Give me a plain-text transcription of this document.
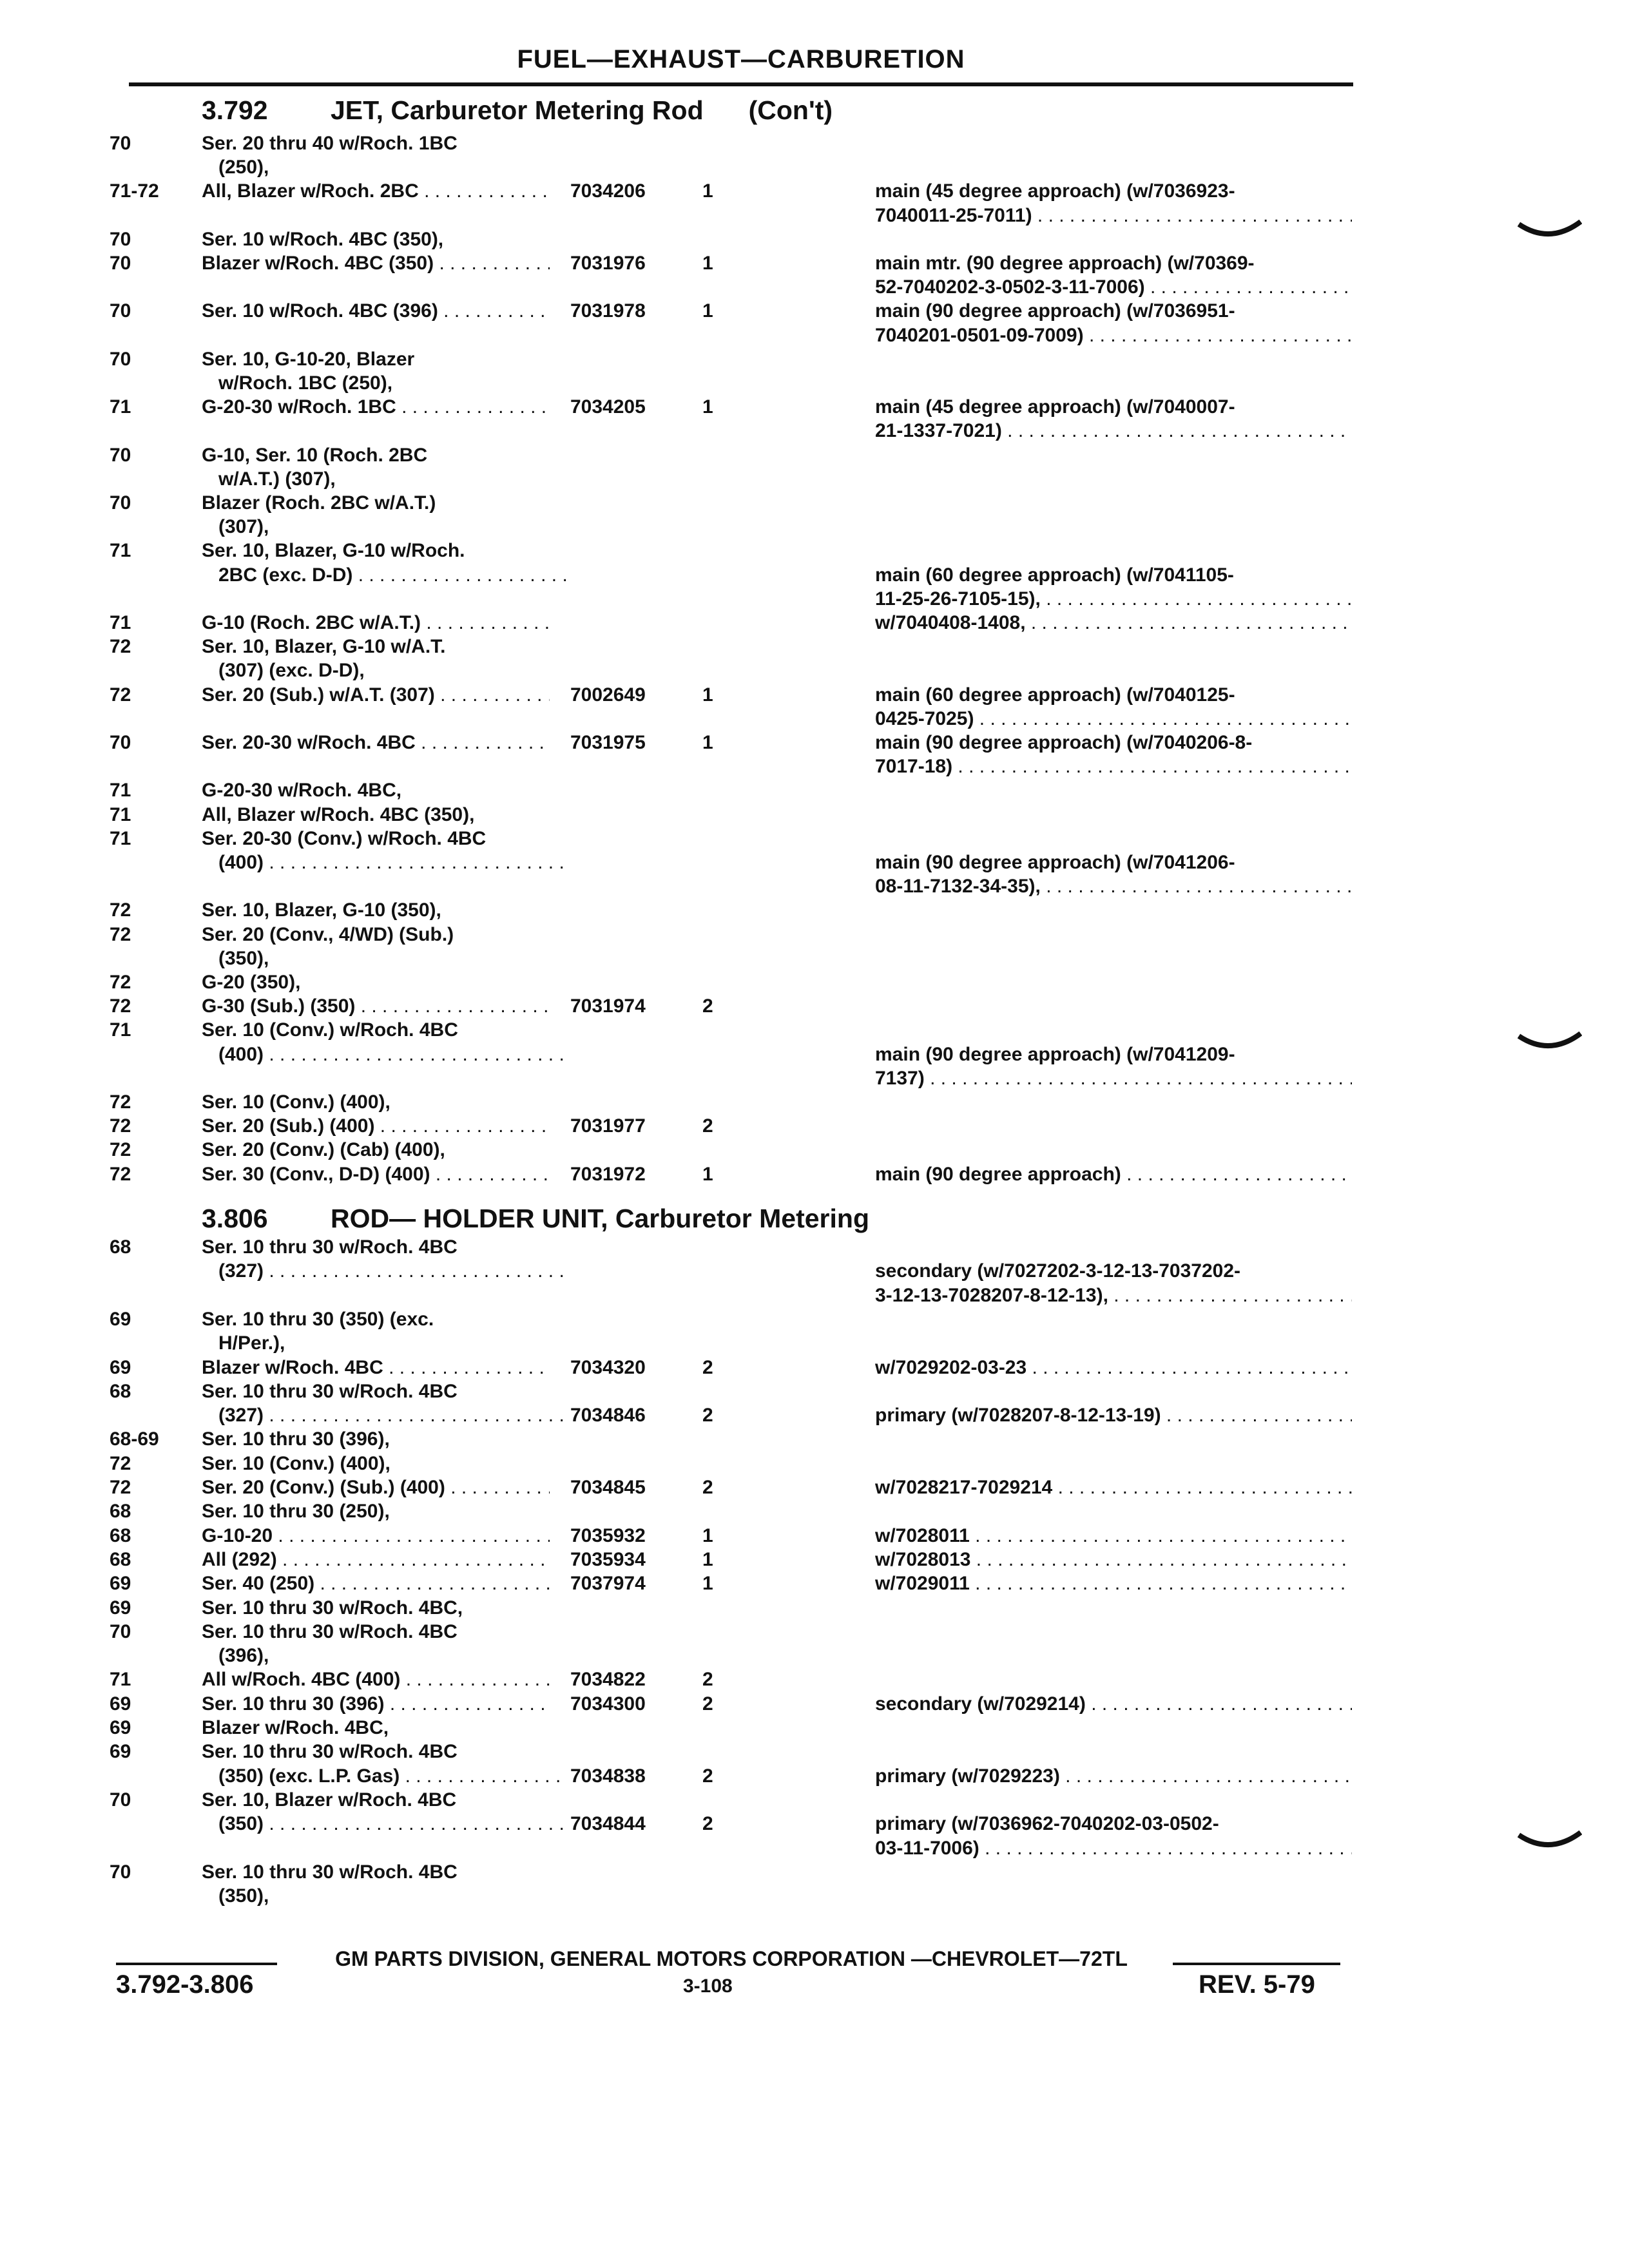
FUEL—EXHAUST—CARBURETION
3.792 JET, Carburetor Metering Rod (Con't)
70	Ser. 20 thru 40 w/Roch. 1BC
(250),
71-72	All, Blazer w/Roch. 2BC . . .	7034206	1	main (45 degree approach) (w/7036923-
7040011-25-7011) . . .
70	Ser. 10 w/Roch. 4BC (350),
70	Blazer w/Roch. 4BC (350) . . .	7031976	1	main mtr. (90 degree approach) (w/70369-
52-7040202-3-0502-3-11-7006) . . .
70	Ser. 10 w/Roch. 4BC (396) . . .	7031978	1	main (90 degree approach) (w/7036951-
7040201-0501-09-7009) . . .
70	Ser. 10, G-10-20, Blazer
w/Roch. 1BC (250),
71	G-20-30 w/Roch. 1BC . . .	7034205	1	main (45 degree approach) (w/7040007-
21-1337-7021) . . .
70	G-10, Ser. 10 (Roch. 2BC
w/A.T.) (307),
70	Blazer (Roch. 2BC w/A.T.)
(307),
71	Ser. 10, Blazer, G-10 w/Roch.
2BC (exc. D-D) . . .	main (60 degree approach) (w/7041105-
11-25-26-7105-15), . . .
71	G-10 (Roch. 2BC w/A.T.) . . .	w/7040408-1408, . . .
72	Ser. 10, Blazer, G-10 w/A.T.
(307) (exc. D-D),
72	Ser. 20 (Sub.) w/A.T. (307) . . .	7002649	1	main (60 degree approach) (w/7040125-
0425-7025) . . .
70	Ser. 20-30 w/Roch. 4BC . . .	7031975	1	main (90 degree approach) (w/7040206-8-
7017-18) . . .
71	G-20-30 w/Roch. 4BC,
71	All, Blazer w/Roch. 4BC (350),
71	Ser. 20-30 (Conv.) w/Roch. 4BC
(400) . . .	main (90 degree approach) (w/7041206-
08-11-7132-34-35), . . .
72	Ser. 10, Blazer, G-10 (350),
72	Ser. 20 (Conv., 4/WD) (Sub.)
(350),
72	G-20 (350),
72	G-30 (Sub.) (350) . . .	7031974	2
71	Ser. 10 (Conv.) w/Roch. 4BC
(400) . . .	main (90 degree approach) (w/7041209-
7137) . . .
72	Ser. 10 (Conv.) (400),
72	Ser. 20 (Sub.) (400) . . .	7031977	2
72	Ser. 20 (Conv.) (Cab) (400),
72	Ser. 30 (Conv., D-D) (400) . . .	7031972	1	main (90 degree approach) . . .
3.806 ROD— HOLDER UNIT, Carburetor Metering
68	Ser. 10 thru 30 w/Roch. 4BC
(327) . . .	secondary (w/7027202-3-12-13-7037202-
3-12-13-7028207-8-12-13), . . .
69	Ser. 10 thru 30 (350) (exc.
H/Per.),
69	Blazer w/Roch. 4BC . . .	7034320	2	w/7029202-03-23 . . .
68	Ser. 10 thru 30 w/Roch. 4BC
(327) . . .	7034846	2	primary (w/7028207-8-12-13-19) . . .
68-69	Ser. 10 thru 30 (396),
72	Ser. 10 (Conv.) (400),
72	Ser. 20 (Conv.) (Sub.) (400) . . .	7034845	2	w/7028217-7029214 . . .
68	Ser. 10 thru 30 (250),
68	G-10-20 . . .	7035932	1	w/7028011 . . .
68	All (292) . . .	7035934	1	w/7028013 . . .
69	Ser. 40 (250) . . .	7037974	1	w/7029011 . . .
69	Ser. 10 thru 30 w/Roch. 4BC,
70	Ser. 10 thru 30 w/Roch. 4BC
(396),
71	All w/Roch. 4BC (400) . . .	7034822	2
69	Ser. 10 thru 30 (396) . . .	7034300	2	secondary (w/7029214) . . .
69	Blazer w/Roch. 4BC,
69	Ser. 10 thru 30 w/Roch. 4BC
(350) (exc. L.P. Gas) . . .	7034838	2	primary (w/7029223) . . .
70	Ser. 10, Blazer w/Roch. 4BC
(350) . . .	7034844	2	primary (w/7036962-7040202-03-0502-
03-11-7006) . . .
70	Ser. 10 thru 30 w/Roch. 4BC
(350),
GM PARTS DIVISION, GENERAL MOTORS CORPORATION —CHEVROLET—72TL
3.792-3.806	3-108	REV. 5-79
